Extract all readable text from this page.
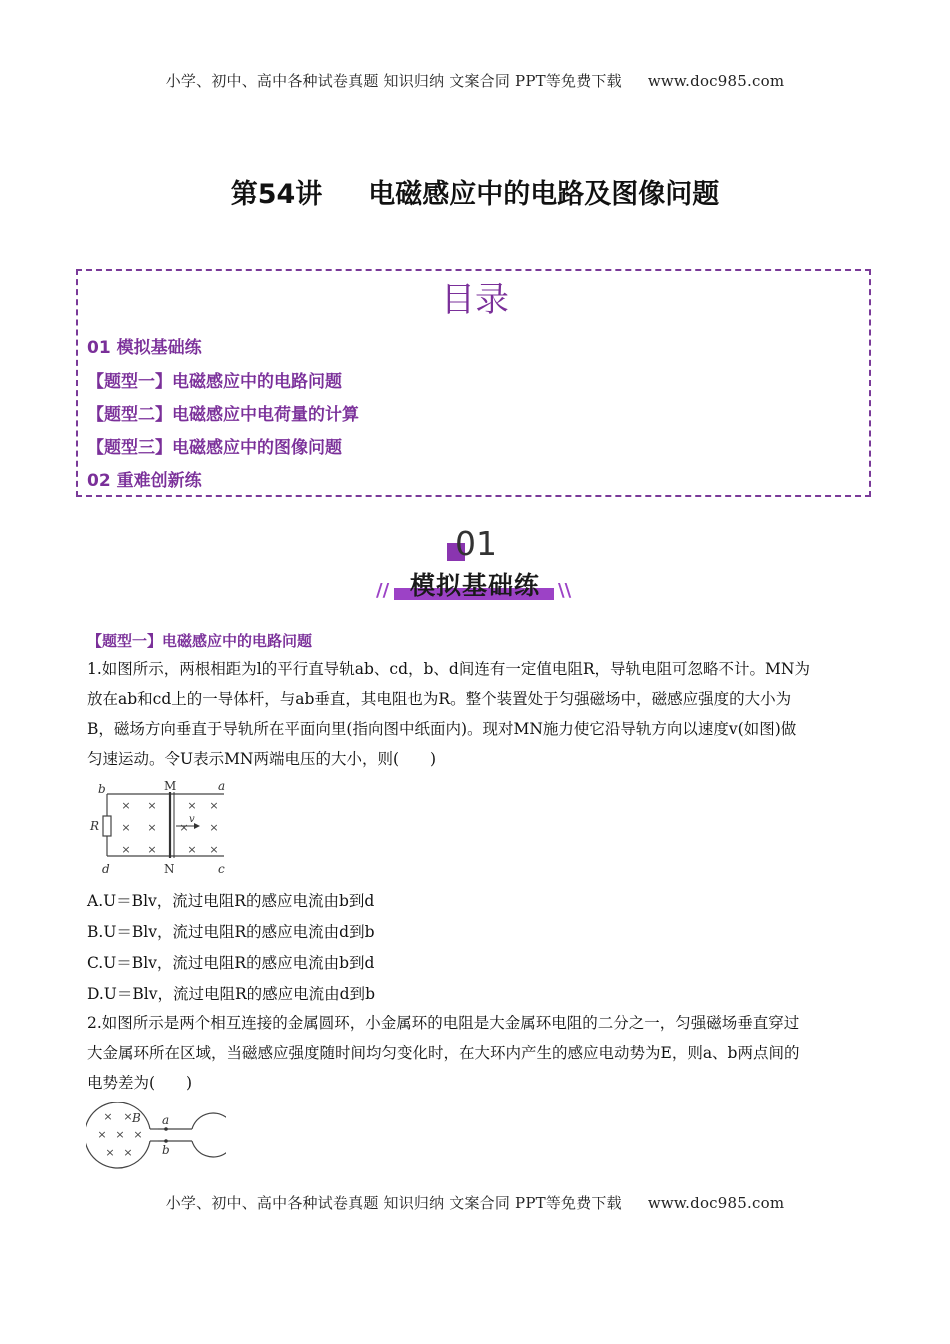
小学、初中、高中各种试卷真题 知识归纳 文案合同 PPT等免费下载 www.doc985.com
第54讲 电磁感应中的电路及图像问题
目录
01 模拟基础练
【题型一】电磁感应中的电路问题
【题型二】电磁感应中电荷量的计算
【题型三】电磁感应中的图像问题
02 重难创新练
01
模拟基础练
//	\\
【题型一】电磁感应中的电路问题
1.如图所示，两根相距为l的平行直导轨ab、cd，b、d间连有一定值电阻R，导轨电阻可忽略不计。MN为
放在ab和cd上的一导体杆，与ab垂直，其电阻也为R。整个装置处于匀强磁场中，磁感应强度的大小为
B，磁场方向垂直于导轨所在平面向里(指向图中纸面内)。现对MN施力使它沿导轨方向以速度v(如图)做
匀速运动。令U表示MN两端电压的大小，则(　　)
× ×	× ×
× × × ×
× ×	× ×
b	M	a
R	v
d	N	c
A.U＝Blv，流过电阻R的感应电流由b到d
B.U＝Blv，流过电阻R的感应电流由d到b
C.U＝Blv，流过电阻R的感应电流由b到d
D.U＝Blv，流过电阻R的感应电流由d到b
2.如图所示是两个相互连接的金属圆环，小金属环的电阻是大金属环电阻的二分之一，匀强磁场垂直穿过
大金属环所在区域，当磁感应强度随时间均匀变化时，在大环内产生的感应电动势为E，则a、b两点间的
电势差为(　　)
× ×
× × ×
× ×
B a
b
小学、初中、高中各种试卷真题 知识归纳 文案合同 PPT等免费下载 www.doc985.com
